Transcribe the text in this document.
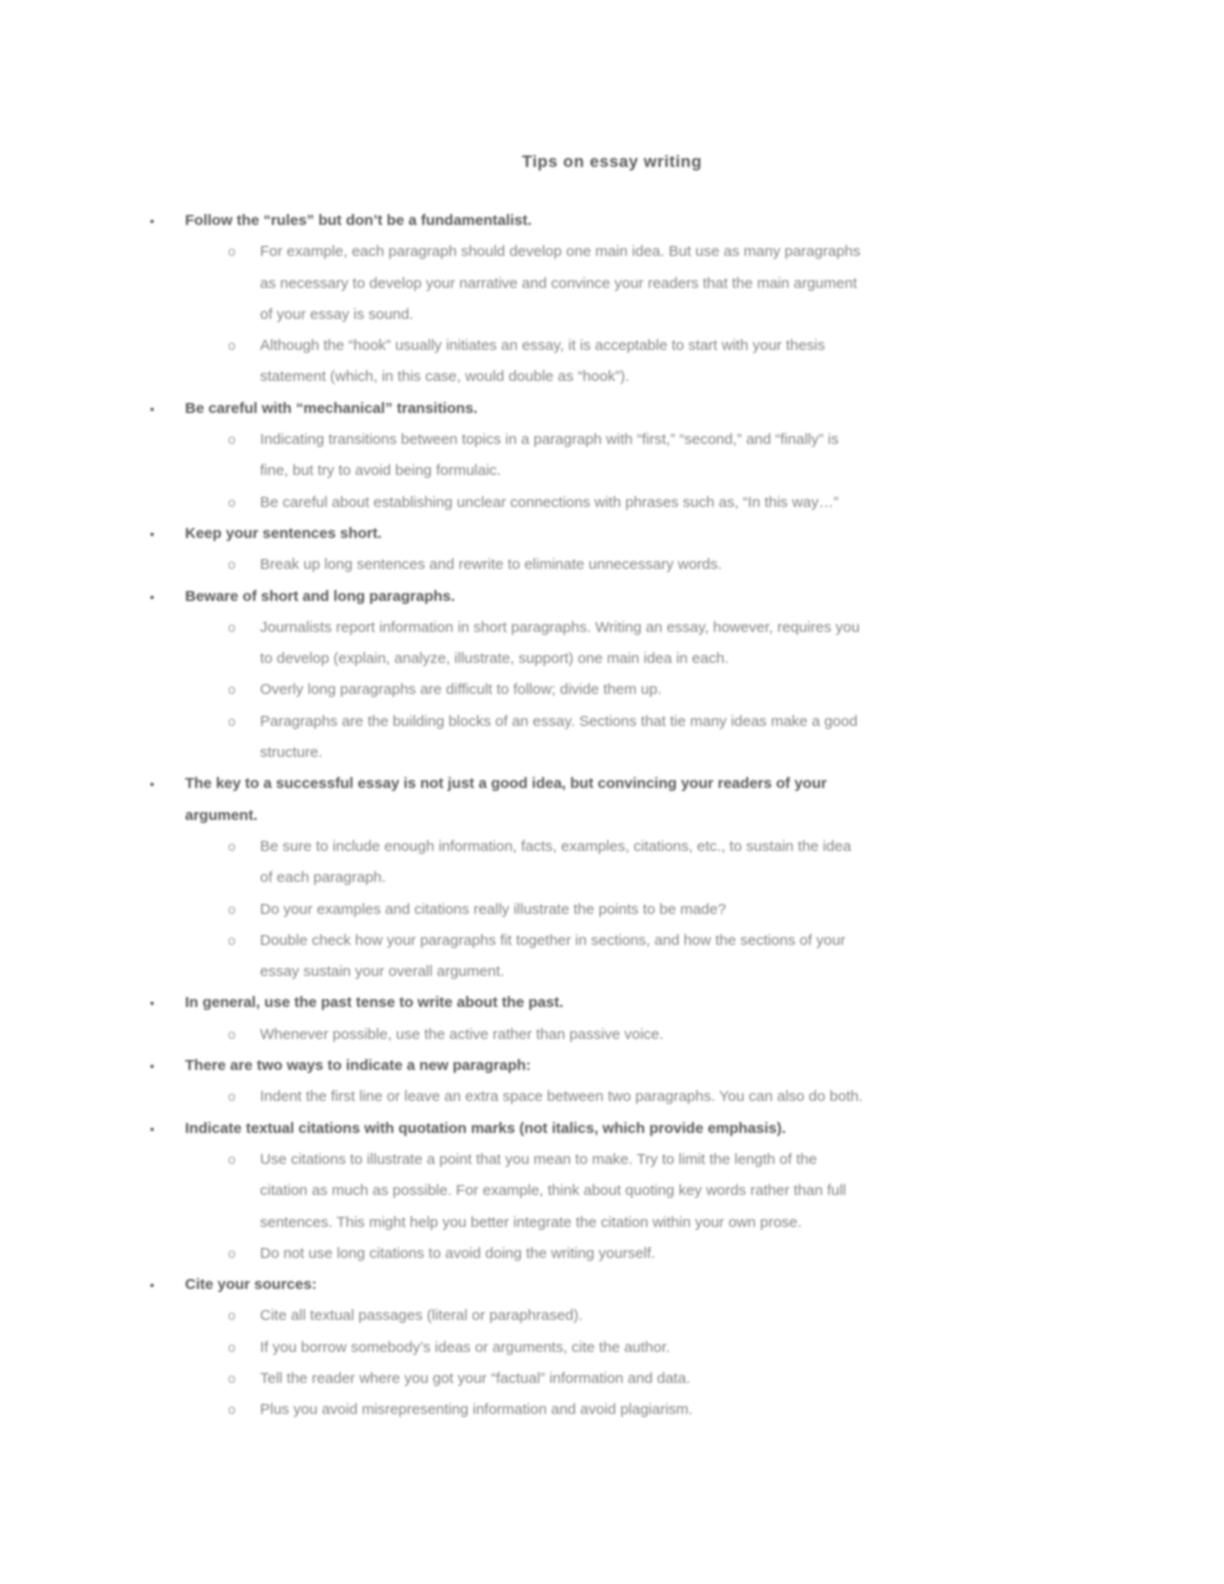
Tips on essay writing
▪ Follow the “rules” but don’t be a fundamentalist.
o For example, each paragraph should develop one main idea. But use as many paragraphs
as necessary to develop your narrative and convince your readers that the main argument
of your essay is sound.
o Although the “hook” usually initiates an essay, it is acceptable to start with your thesis
statement (which, in this case, would double as “hook”).
▪ Be careful with “mechanical” transitions.
o Indicating transitions between topics in a paragraph with “first,” “second,” and “finally” is
fine, but try to avoid being formulaic.
o Be careful about establishing unclear connections with phrases such as, “In this way…”
▪ Keep your sentences short.
o Break up long sentences and rewrite to eliminate unnecessary words.
▪ Beware of short and long paragraphs.
o Journalists report information in short paragraphs. Writing an essay, however, requires you
to develop (explain, analyze, illustrate, support) one main idea in each.
o Overly long paragraphs are difficult to follow; divide them up.
o Paragraphs are the building blocks of an essay. Sections that tie many ideas make a good
structure.
▪ The key to a successful essay is not just a good idea, but convincing your readers of your
argument.
o Be sure to include enough information, facts, examples, citations, etc., to sustain the idea
of each paragraph.
o Do your examples and citations really illustrate the points to be made?
o Double check how your paragraphs fit together in sections, and how the sections of your
essay sustain your overall argument.
▪ In general, use the past tense to write about the past.
o Whenever possible, use the active rather than passive voice.
▪ There are two ways to indicate a new paragraph:
o Indent the first line or leave an extra space between two paragraphs. You can also do both.
▪ Indicate textual citations with quotation marks (not italics, which provide emphasis).
o Use citations to illustrate a point that you mean to make. Try to limit the length of the
citation as much as possible. For example, think about quoting key words rather than full
sentences. This might help you better integrate the citation within your own prose.
o Do not use long citations to avoid doing the writing yourself.
▪ Cite your sources:
o Cite all textual passages (literal or paraphrased).
o If you borrow somebody’s ideas or arguments, cite the author.
o Tell the reader where you got your “factual” information and data.
o Plus you avoid misrepresenting information and avoid plagiarism.
